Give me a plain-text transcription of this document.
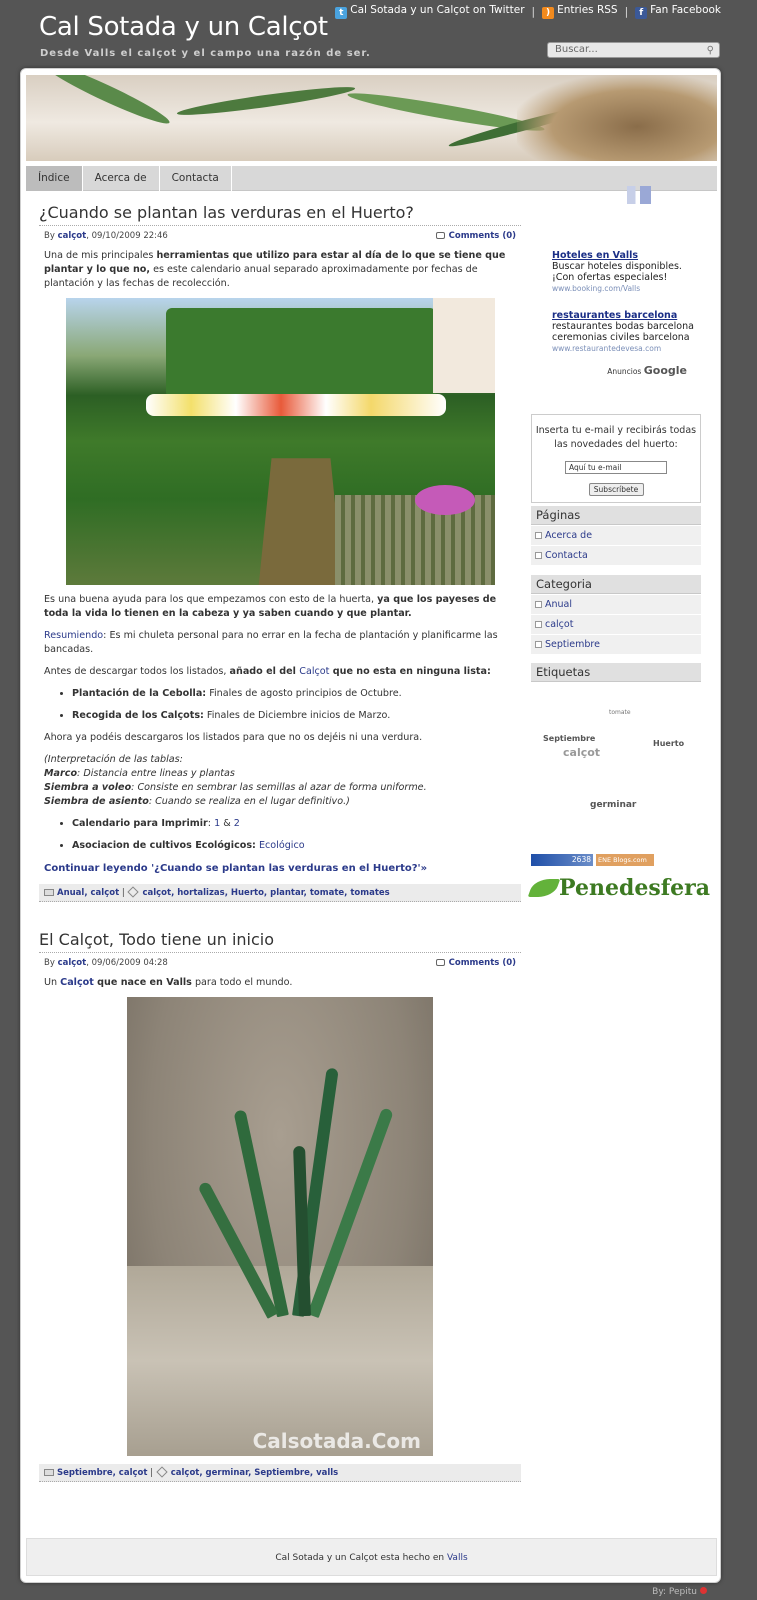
Cal Sotada y un Calçot
Desde Valls el calçot y el campo una razón de ser.
t Cal Sotada y un Calçot on Twitter |	) Entries RSS |	f Fan Facebook
Buscar...	⚲
Índice	Acerca de	Contacta
¿Cuando se plantan las verduras en el Huerto?
By calçot, 09/10/2009 22:46	Comments (0)

Una de mis principales herramientas que utilizo para estar al día de lo que se tiene que plantar y lo que no, es este calendario anual separado aproximadamente por fechas de plantación y las fechas de recolección.

Es una buena ayuda para los que empezamos con esto de la huerta, ya que los payeses de toda la vida lo tienen en la cabeza y ya saben cuando y que plantar.

Resumiendo: Es mi chuleta personal para no errar en la fecha de plantación y planificarme las bancadas.

Antes de descargar todos los listados, añado el del Calçot que no esta en ninguna lista:

• Plantación de la Cebolla: Finales de agosto principios de Octubre.
• Recogida de los Calçots: Finales de Diciembre inicios de Marzo.

Ahora ya podéis descargaros los listados para que no os dejéis ni una verdura.

(Interpretación de las tablas:
Marco: Distancia entre lineas y plantas
Siembra a voleo: Consiste en sembrar las semillas al azar de forma uniforme.
Siembra de asiento: Cuando se realiza en el lugar definitivo.)

• Calendario para Imprimir: 1 & 2
• Asociacion de cultivos Ecológicos: Ecológico
Continuar leyendo '¿Cuando se plantan las verduras en el Huerto?'»
Anual, calçot | calçot, hortalizas, Huerto, plantar, tomate, tomates
El Calçot, Todo tiene un inicio
By calçot, 09/06/2009 04:28	Comments (0)

Un Calçot que nace en Valls para todo el mundo.

Calsotada.Com
Septiembre, calçot | calçot, germinar, Septiembre, valls
Hoteles en Valls
Buscar hoteles disponibles. ¡Con ofertas especiales!
www.booking.com/Valls
restaurantes barcelona
restaurantes bodas barcelona ceremonias civiles barcelona
www.restaurantedevesa.com
Anuncios Google
Inserta tu e-mail y recibirás todas las novedades del huerto:
Aquí tu e-mail
Subscríbete
Páginas
Acerca de
Contacta
Categoria
Anual
calçot
Septiembre
Etiquetas
tomate
Septiembre
calçot
Huerto
germinar
2638	ENE Blogs.com
Penedesfera
Cal Sotada y un Calçot esta hecho en Valls
By: Pepitu
